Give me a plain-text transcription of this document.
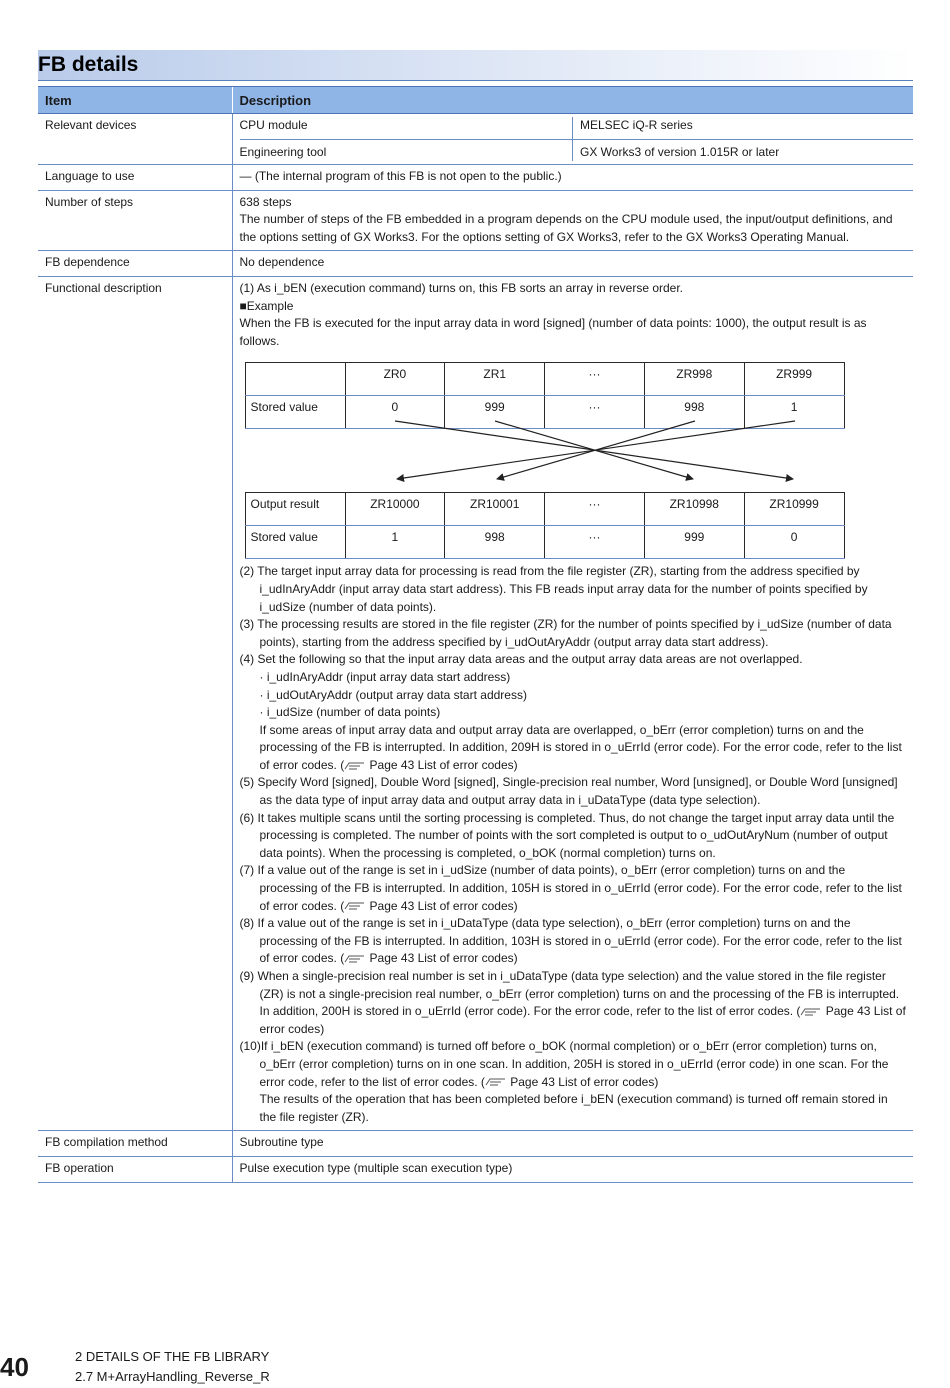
FB details
Item	Description
Relevant devices		CPU module	MELSEC iQ-R series
Engineering tool	GX Works3 of version 1.015R or later

Language to use	— (The internal program of this FB is not open to the public.)
Number of steps	638 steps
The number of steps of the FB embedded in a program depends on the CPU module used, the input/output definitions, and the options setting of GX Works3. For the options setting of GX Works3, refer to the GX Works3 Operating Manual.

FB dependence	No dependence
Functional description	(1) As i_bEN (execution command) turns on, this FB sorts an array in reverse order.
■Example
When the FB is executed for the input array data in word [signed] (number of data points: 1000), the output result is as follows.
	ZR0	ZR1	···	ZR998	ZR999
Stored value	0	999	···	998	1
Output result	ZR10000	ZR10001	···	ZR10998	ZR10999
Stored value	1	998	···	999	0
(2) The target input array data for processing is read from the file register (ZR), starting from the address specified by i_udInAryAddr (input array data start address). This FB reads input array data for the number of points specified by i_udSize (number of data points).
(3) The processing results are stored in the file register (ZR) for the number of points specified by i_udSize (number of data points), starting from the address specified by i_udOutAryAddr (output array data start address).
(4) Set the following so that the input array data areas and the output array data areas are not overlapped.
· i_udInAryAddr (input array data start address)
· i_udOutAryAddr (output array data start address)
· i_udSize (number of data points)
If some areas of input array data and output array data are overlapped, o_bErr (error completion) turns on and the processing of the FB is interrupted. In addition, 209H is stored in o_uErrId (error code). For the error code, refer to the list of error codes. ( Page 43 List of error codes)
(5) Specify Word [signed], Double Word [signed], Single-precision real number, Word [unsigned], or Double Word [unsigned] as the data type of input array data and output array data in i_uDataType (data type selection).
(6) It takes multiple scans until the sorting processing is completed. Thus, do not change the target input array data until the processing is completed. The number of points with the sort completed is output to o_udOutAryNum (number of output data points). When the processing is completed, o_bOK (normal completion) turns on.
(7) If a value out of the range is set in i_udSize (number of data points), o_bErr (error completion) turns on and the processing of the FB is interrupted. In addition, 105H is stored in o_uErrId (error code). For the error code, refer to the list of error codes. ( Page 43 List of error codes)
(8) If a value out of the range is set in i_uDataType (data type selection), o_bErr (error completion) turns on and the processing of the FB is interrupted. In addition, 103H is stored in o_uErrId (error code). For the error code, refer to the list of error codes. ( Page 43 List of error codes)
(9) When a single-precision real number is set in i_uDataType (data type selection) and the value stored in the file register (ZR) is not a single-precision real number, o_bErr (error completion) turns on and the processing of the FB is interrupted. In addition, 200H is stored in o_uErrId (error code). For the error code, refer to the list of error codes. ( Page 43 List of error codes)
(10)If i_bEN (execution command) is turned off before o_bOK (normal completion) or o_bErr (error completion) turns on, o_bErr (error completion) turns on in one scan. In addition, 205H is stored in o_uErrId (error code) in one scan. For the error code, refer to the list of error codes. ( Page 43 List of error codes)
The results of the operation that has been completed before i_bEN (execution command) is turned off remain stored in the file register (ZR).

FB compilation method	Subroutine type
FB operation	Pulse execution type (multiple scan execution type)
40	2 DETAILS OF THE FB LIBRARY
2.7 M+ArrayHandling_Reverse_R
